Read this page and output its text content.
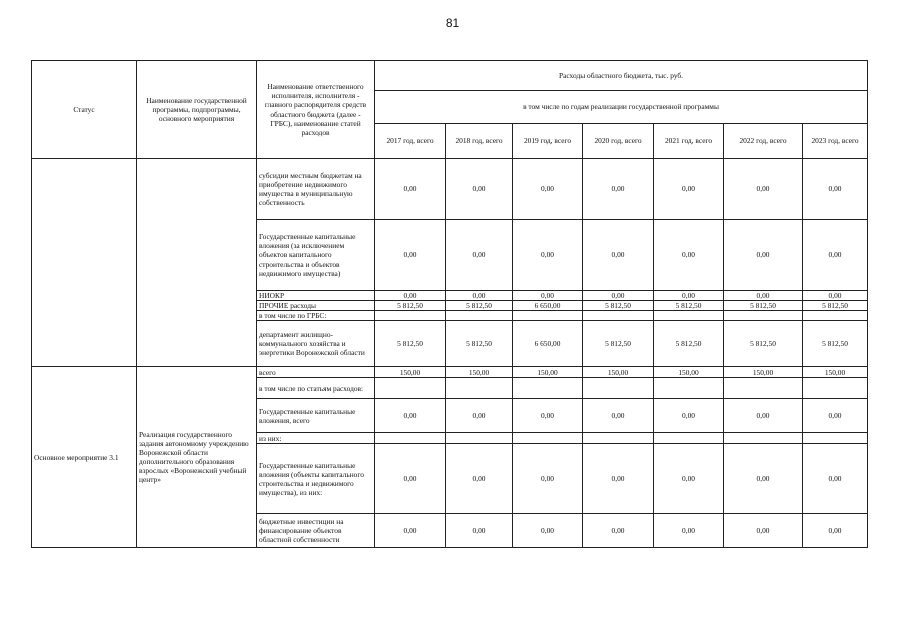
81
Статус	Наименование государственной программы, подпрограммы, основного мероприятия	Наименование ответственного исполнителя, исполнителя - главного распорядителя средств областного бюджета (далее - ГРБС), наименование статей расходов	Расходы областного бюджета, тыс. руб.						
			в том числе по годам реализации государственной программы						
			2017 год, всего	2018 год, всего	2019 год, всего	2020 год, всего	2021 год, всего	2022 год, всего	2023 год, всего
		субсидии местным бюджетам на приобретение недвижимого имущества в муниципальную собственность	0,00	0,00	0,00	0,00	0,00	0,00	0,00
		Государственные капитальные вложения (за исключением объектов капитального строительства и объектов недвижимого имущества)	0,00	0,00	0,00	0,00	0,00	0,00	0,00
		НИОКР	0,00	0,00	0,00	0,00	0,00	0,00	0,00
		ПРОЧИЕ расходы	5 812,50	5 812,50	6 650,00	5 812,50	5 812,50	5 812,50	5 812,50
		в том числе по ГРБС:							
		департамент жилищно-коммунального хозяйства и энергетики Воронежской области	5 812,50	5 812,50	6 650,00	5 812,50	5 812,50	5 812,50	5 812,50
Основное мероприятие 3.1	Реализация государственного задания автономному учреждению Воронежской области дополнительного образования взрослых «Воронежский учебный центр»	всего	150,00	150,00	150,00	150,00	150,00	150,00	150,00
		в том числе по статьям расходов:							
		Государственные капитальные вложения, всего	0,00	0,00	0,00	0,00	0,00	0,00	0,00
		из них:							
		Государственные капитальные вложения (объекты капитального строительства и недвижимого имущества), из них:	0,00	0,00	0,00	0,00	0,00	0,00	0,00
		бюджетные инвестиции на финансирование объектов областной собственности	0,00	0,00	0,00	0,00	0,00	0,00	0,00
